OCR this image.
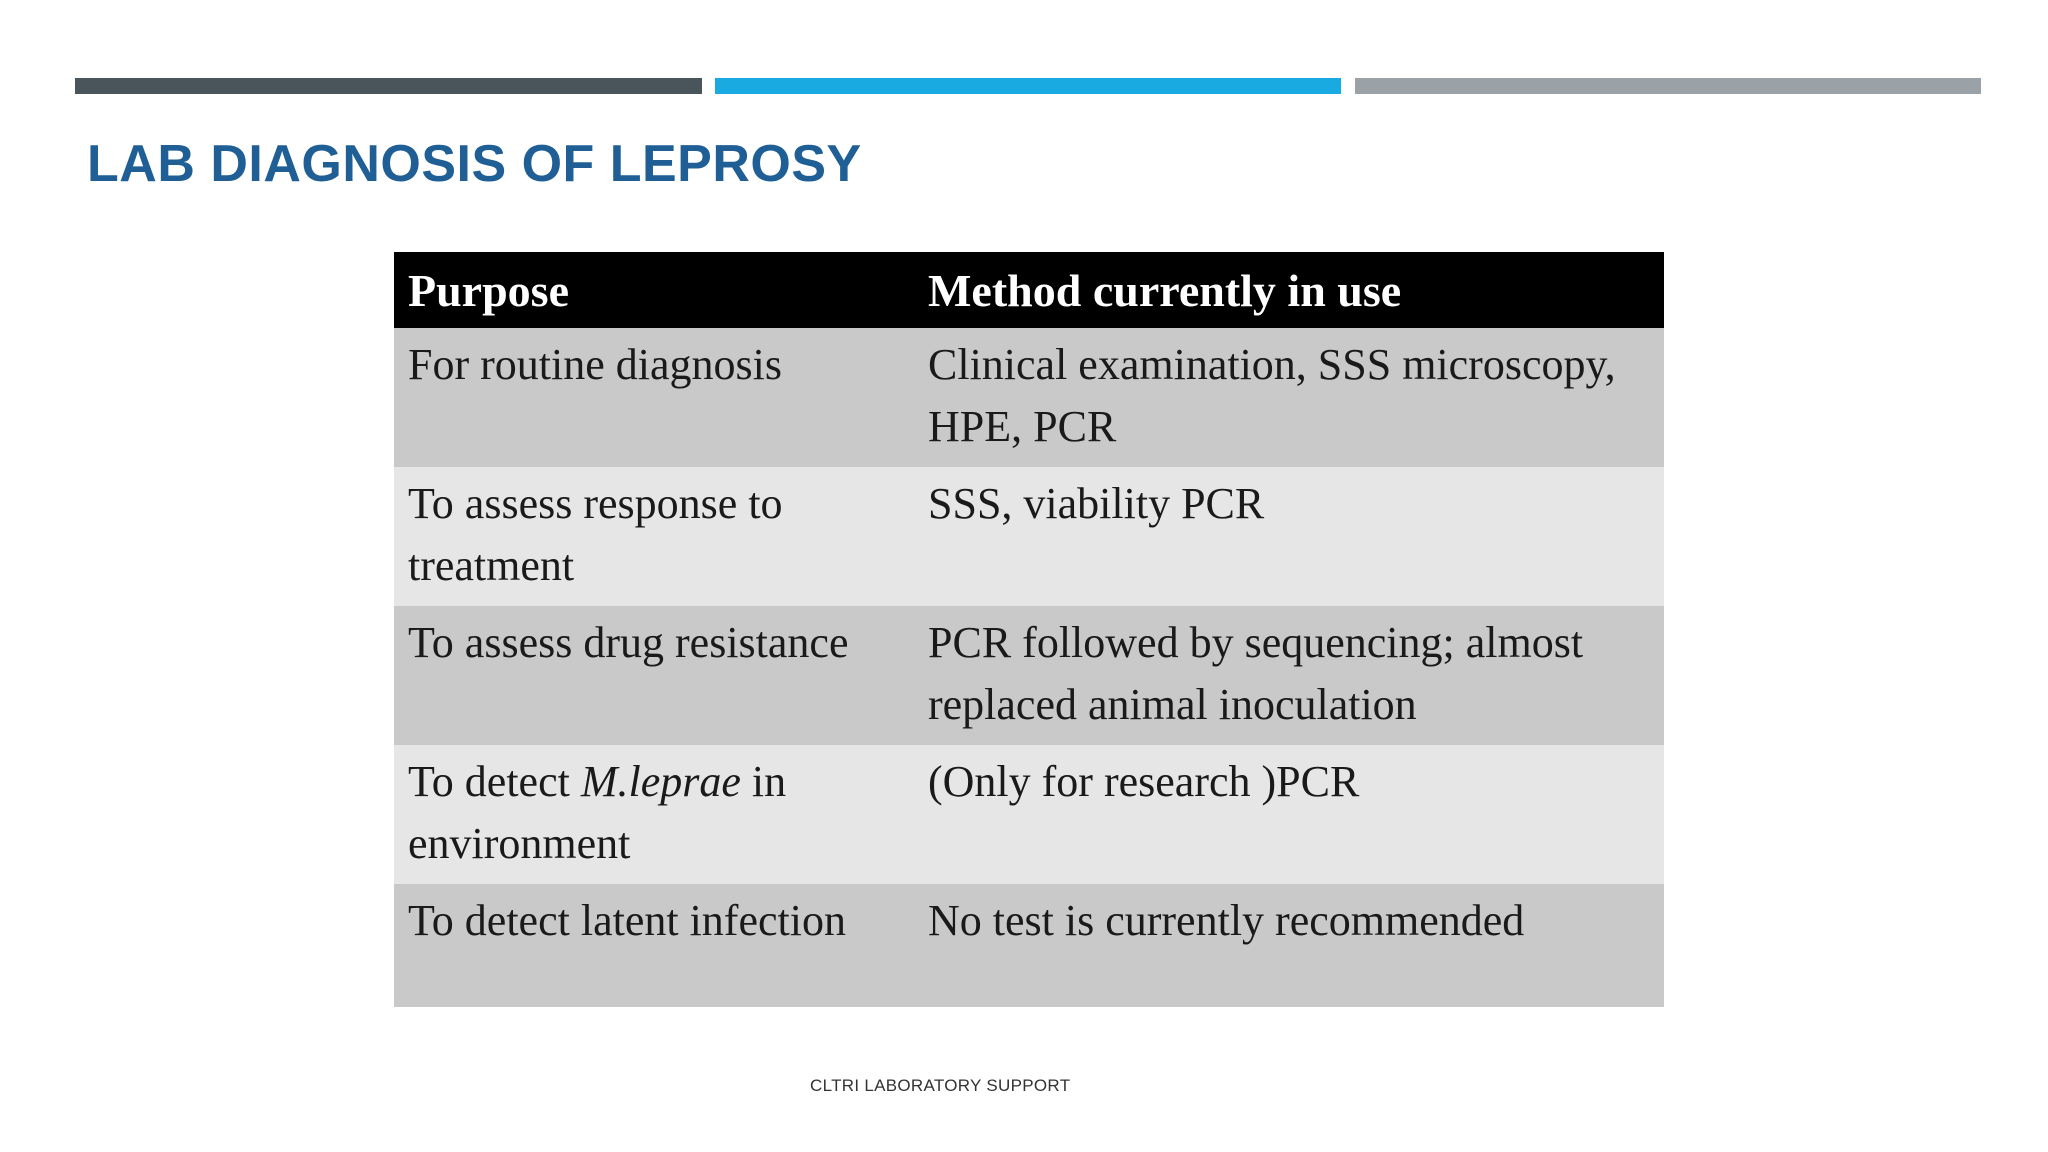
LAB DIAGNOSIS OF LEPROSY
Purpose	Method currently in use
For routine diagnosis	Clinical examination, SSS microscopy, HPE, PCR
To assess response to treatment	SSS, viability PCR
To assess drug resistance	PCR followed by sequencing; almost replaced animal inoculation
To detect M.leprae in environment	(Only for research )PCR
To detect latent infection	No test is currently recommended
CLTRI LABORATORY SUPPORT
